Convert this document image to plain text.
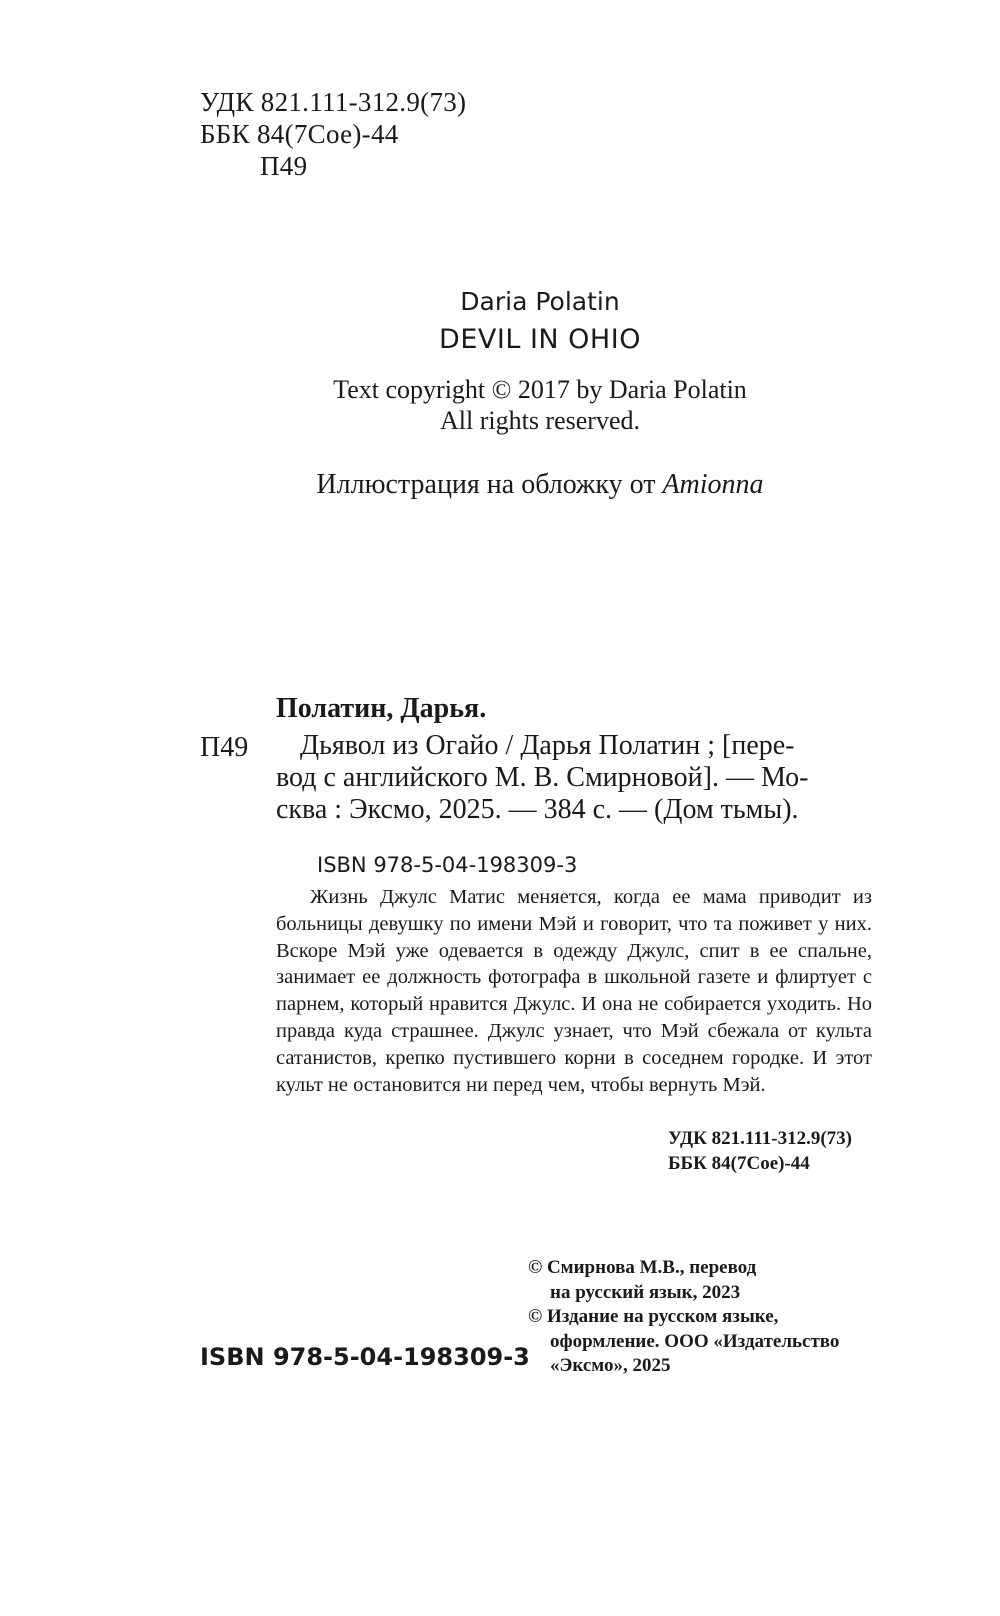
УДК 821.111-312.9(73)
ББК 84(7Сое)-44
П49
Daria Polatin
DEVIL IN OHIO
Text copyright © 2017 by Daria Polatin
All rights reserved.
Иллюстрация на обложку от Amionna
Полатин, Дарья.
П49	Дьявол из Огайо / Дарья Полатин ; [пере-
вод с английского М. В. Смирновой]. — Мо-
сква : Эксмо, 2025. — 384 с. — (Дом тьмы).
ISBN 978-5-04-198309-3
Жизнь Джулс Матис меняется, когда ее мама приводит из больницы девушку по имени Мэй и говорит, что та поживет у них. Вскоре Мэй уже одевается в одежду Джулс, спит в ее спальне, занимает ее должность фотографа в школьной газете и флиртует с парнем, который нравится Джулс. И она не собирается уходить. Но правда куда страшнее. Джулс узнает, что Мэй сбежала от культа сатанистов, крепко пустившего корни в соседнем городке. И этот культ не остановится ни перед чем, чтобы вернуть Мэй.
УДК 821.111-312.9(73)
ББК 84(7Сое)-44
© Смирнова М.В., перевод
на русский язык, 2023
© Издание на русском языке,
оформление. ООО «Издательство
«Эксмо», 2025
ISBN 978-5-04-198309-3
